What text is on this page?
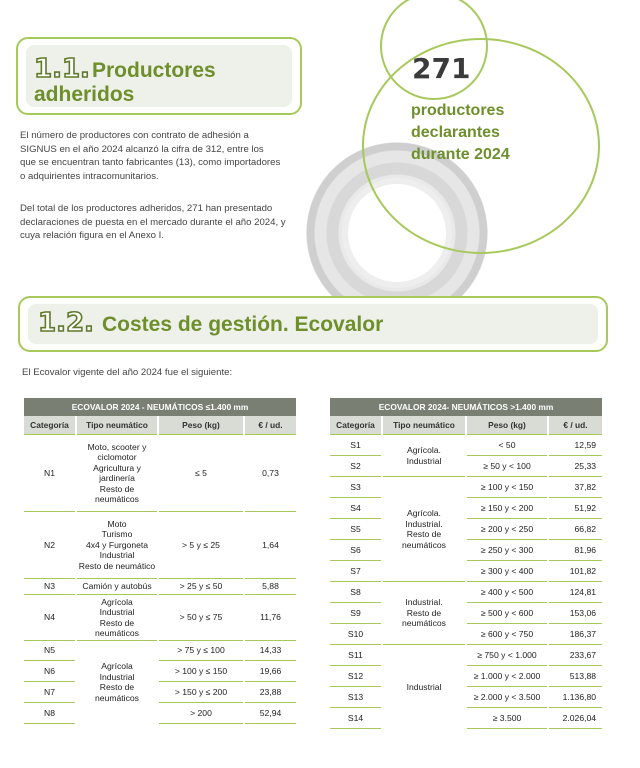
1.1. Productores
adheridos
El número de productores con contrato de adhesión a SIGNUS en el año 2024 alcanzó la cifra de 312, entre los que se encuentran tanto fabricantes (13), como importadores o adquirientes intracomunitarios.
Del total de los productores adheridos, 271 han presentado declaraciones de puesta en el mercado durante el año 2024, y cuya relación figura en el Anexo I.
271
productores
declarantes
durante 2024
1.2. Costes de gestión. Ecovalor
El Ecovalor vigente del año 2024 fue el siguiente:
ECOVALOR 2024 - NEUMÁTICOS ≤1.400 mm			
Categoría	Tipo neumático	Peso (kg)	€ / ud.
N1	Moto, scooter y ciclomotor
Agricultura y jardinería
Resto de neumáticos	≤ 5	0,73
N2	Moto
Turismo
4x4 y Furgoneta
Industrial
Resto de neumático	> 5 y ≤ 25	1,64
N3	Camión y autobús	> 25 y ≤ 50	5,88
N4	Agrícola
Industrial
Resto de neumáticos	> 50 y ≤ 75	11,76
N5	Agrícola
Industrial
Resto de
neumáticos	> 75 y ≤ 100	14,33
N6		> 100 y ≤ 150	19,66
N7		> 150 y ≤ 200	23,88
N8		> 200	52,94
ECOVALOR 2024- NEUMÁTICOS >1.400 mm			
Categoría	Tipo neumático	Peso (kg)	€ / ud.
S1	Agrícola.
Industrial	< 50	12,59
S2		≥ 50 y < 100	25,33
S3	Agrícola.
Industrial.
Resto de
neumáticos	≥ 100 y < 150	37,82
S4		≥ 150 y < 200	51,92
S5		≥ 200 y < 250	66,82
S6		≥ 250 y < 300	81,96
S7		≥ 300 y < 400	101,82
S8	Industrial.
Resto de
neumáticos	≥ 400 y < 500	124,81
S9		≥ 500 y < 600	153,06
S10		≥ 600 y < 750	186,37
S11	Industrial	≥ 750 y < 1.000	233,67
S12		≥ 1.000 y < 2.000	513,88
S13		≥ 2.000 y < 3.500	1.136,80
S14		≥ 3.500	2.026,04
